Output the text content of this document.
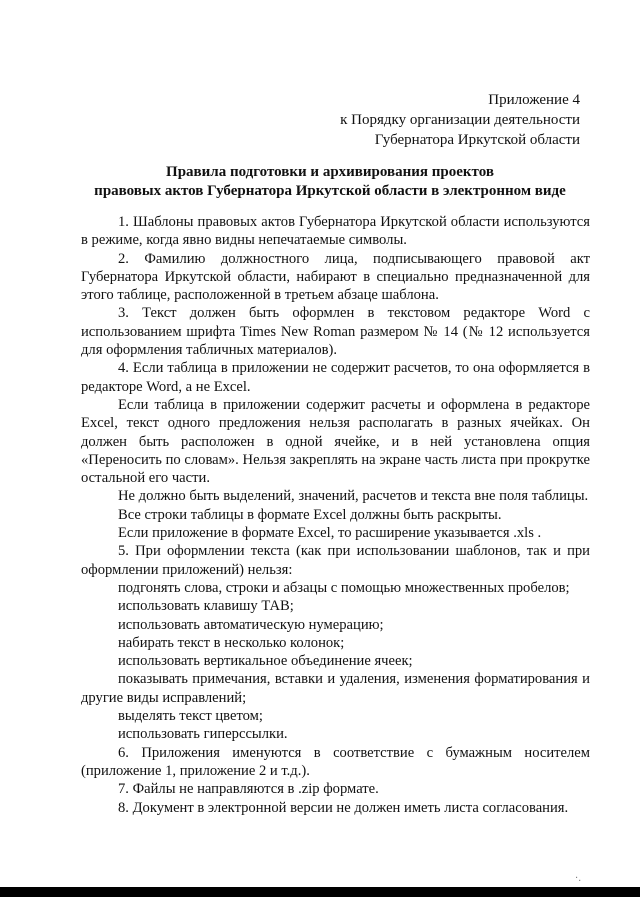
Приложение 4
к Порядку организации деятельности
Губернатора Иркутской области
Правила подготовки и архивирования проектов
правовых актов Губернатора Иркутской области в электронном виде

1. Шаблоны правовых актов Губернатора Иркутской области используются в режиме, когда явно видны непечатаемые символы.

2. Фамилию должностного лица, подписывающего правовой акт Губернатора Иркутской области, набирают в специально предназначенной для этого таблице, расположенной в третьем абзаце шаблона.

3. Текст должен быть оформлен в текстовом редакторе Word с использованием шрифта Times New Roman размером № 14 (№ 12 используется для оформления табличных материалов).

4. Если таблица в приложении не содержит расчетов, то она оформляется в редакторе Word, а не Excel.

Если таблица в приложении содержит расчеты и оформлена в редакторе Excel, текст одного предложения нельзя располагать в разных ячейках. Он должен быть расположен в одной ячейке, и в ней установлена опция «Переносить по словам». Нельзя закреплять на экране часть листа при прокрутке остальной его части.

Не должно быть выделений, значений, расчетов и текста вне поля таблицы.

Все строки таблицы в формате Excel должны быть раскрыты.

Если приложение в формате Excel, то расширение указывается .xls .

5. При оформлении текста (как при использовании шаблонов, так и при оформлении приложений) нельзя:

подгонять слова, строки и абзацы с помощью множественных пробелов;

использовать клавишу ТАВ;

использовать автоматическую нумерацию;

набирать текст в несколько колонок;

использовать вертикальное объединение ячеек;

показывать примечания, вставки и удаления, изменения форматирования и другие виды исправлений;

выделять текст цветом;

использовать гиперссылки.

6. Приложения именуются в соответствие с бумажным носителем (приложение 1, приложение 2 и т.д.).

7. Файлы не направляются в .zip формате.

8. Документ в электронной версии не должен иметь листа согласования.

·.
